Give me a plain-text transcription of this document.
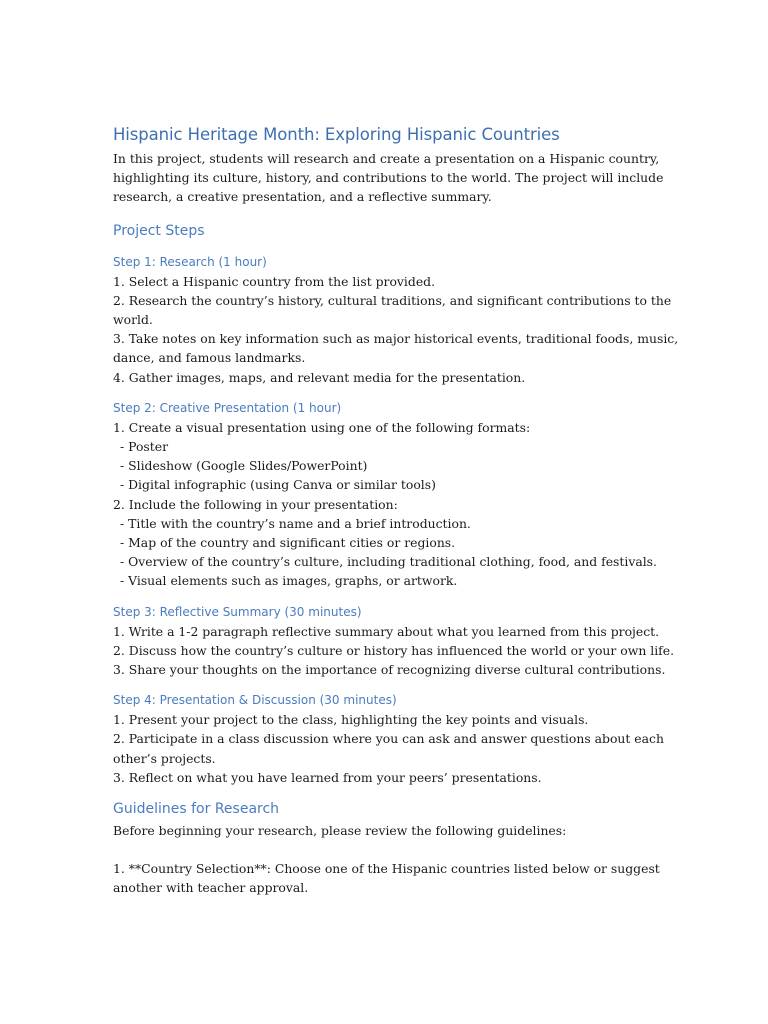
Hispanic Heritage Month: Exploring Hispanic Countries
In this project, students will research and create a presentation on a Hispanic country,
highlighting its culture, history, and contributions to the world. The project will include
research, a creative presentation, and a reflective summary.
Project Steps
Step 1: Research (1 hour)
1. Select a Hispanic country from the list provided.
2. Research the country’s history, cultural traditions, and significant contributions to the
world.
3. Take notes on key information such as major historical events, traditional foods, music,
dance, and famous landmarks.
4. Gather images, maps, and relevant media for the presentation.
Step 2: Creative Presentation (1 hour)
1. Create a visual presentation using one of the following formats:
- Poster
- Slideshow (Google Slides/PowerPoint)
- Digital infographic (using Canva or similar tools)
2. Include the following in your presentation:
- Title with the country’s name and a brief introduction.
- Map of the country and significant cities or regions.
- Overview of the country’s culture, including traditional clothing, food, and festivals.
- Visual elements such as images, graphs, or artwork.
Step 3: Reflective Summary (30 minutes)
1. Write a 1-2 paragraph reflective summary about what you learned from this project.
2. Discuss how the country’s culture or history has influenced the world or your own life.
3. Share your thoughts on the importance of recognizing diverse cultural contributions.
Step 4: Presentation & Discussion (30 minutes)
1. Present your project to the class, highlighting the key points and visuals.
2. Participate in a class discussion where you can ask and answer questions about each
other’s projects.
3. Reflect on what you have learned from your peers’ presentations.
Guidelines for Research
Before beginning your research, please review the following guidelines:
1. **Country Selection**: Choose one of the Hispanic countries listed below or suggest
another with teacher approval.
